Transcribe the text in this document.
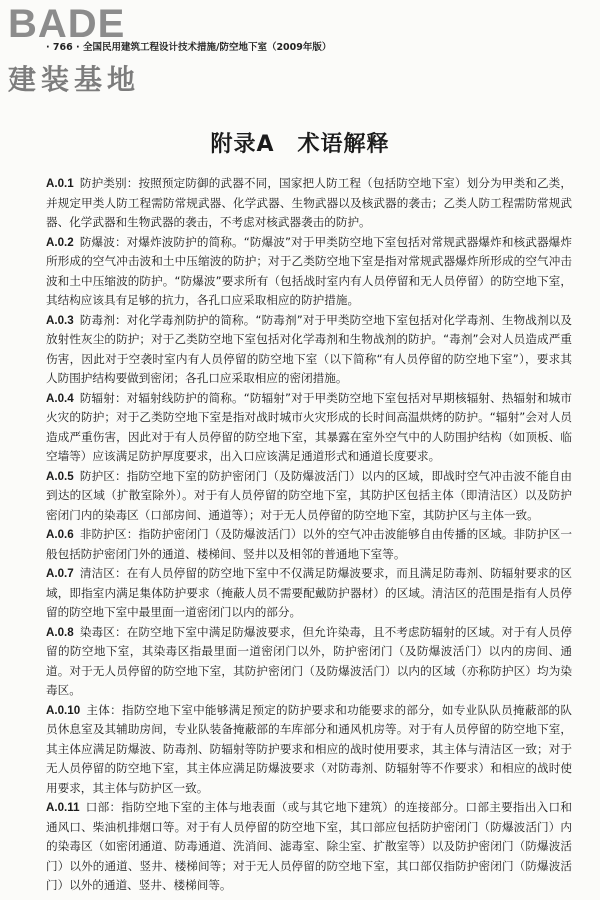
BADE
· 766 · 全国民用建筑工程设计技术措施/防空地下室（2009年版）
建装基地
附录A　术语解释

A.0.1 防护类别：按照预定防御的武器不同，国家把人防工程（包括防空地下室）划分为甲类和乙类，并规定甲类人防工程需防常规武器、化学武器、生物武器以及核武器的袭击；乙类人防工程需防常规武器、化学武器和生物武器的袭击，不考虑对核武器袭击的防护。

A.0.2 防爆波：对爆炸波防护的简称。“防爆波”对于甲类防空地下室包括对常规武器爆炸和核武器爆炸所形成的空气冲击波和土中压缩波的防护；对于乙类防空地下室是指对常规武器爆炸所形成的空气冲击波和土中压缩波的防护。“防爆波”要求所有（包括战时室内有人员停留和无人员停留）的防空地下室，其结构应该具有足够的抗力，各孔口应采取相应的防护措施。

A.0.3 防毒剂：对化学毒剂防护的简称。“防毒剂”对于甲类防空地下室包括对化学毒剂、生物战剂以及放射性灰尘的防护；对于乙类防空地下室包括对化学毒剂和生物战剂的防护。“毒剂”会对人员造成严重伤害，因此对于空袭时室内有人员停留的防空地下室（以下简称“有人员停留的防空地下室”），要求其人防围护结构要做到密闭；各孔口应采取相应的密闭措施。

A.0.4 防辐射：对辐射线防护的简称。“防辐射”对于甲类防空地下室包括对早期核辐射、热辐射和城市火灾的防护；对于乙类防空地下室是指对战时城市火灾形成的长时间高温烘烤的防护。“辐射”会对人员造成严重伤害，因此对于有人员停留的防空地下室，其暴露在室外空气中的人防围护结构（如顶板、临空墙等）应该满足防护厚度要求，出入口应该满足通道形式和通道长度要求。

A.0.5 防护区：指防空地下室的防护密闭门（及防爆波活门）以内的区域，即战时空气冲击波不能自由到达的区域（扩散室除外）。对于有人员停留的防空地下室，其防护区包括主体（即清洁区）以及防护密闭门内的染毒区（口部房间、通道等）；对于无人员停留的防空地下室，其防护区与主体一致。

A.0.6 非防护区：指防护密闭门（及防爆波活门）以外的空气冲击波能够自由传播的区域。非防护区一般包括防护密闭门外的通道、楼梯间、竖井以及相邻的普通地下室等。

A.0.7 清洁区：在有人员停留的防空地下室中不仅满足防爆波要求，而且满足防毒剂、防辐射要求的区域，即指室内满足集体防护要求（掩蔽人员不需要配戴防护器材）的区域。清洁区的范围是指有人员停留的防空地下室中最里面一道密闭门以内的部分。

A.0.8 染毒区：在防空地下室中满足防爆波要求，但允许染毒，且不考虑防辐射的区域。对于有人员停留的防空地下室，其染毒区指最里面一道密闭门以外，防护密闭门（及防爆波活门）以内的房间、通道。对于无人员停留的防空地下室，其防护密闭门（及防爆波活门）以内的区域（亦称防护区）均为染毒区。

A.0.10 主体：指防空地下室中能够满足预定的防护要求和功能要求的部分，如专业队队员掩蔽部的队员休息室及其辅助房间，专业队装备掩蔽部的车库部分和通风机房等。对于有人员停留的防空地下室，其主体应满足防爆波、防毒剂、防辐射等防护要求和相应的战时使用要求，其主体与清洁区一致；对于无人员停留的防空地下室，其主体应满足防爆波要求（对防毒剂、防辐射等不作要求）和相应的战时使用要求，其主体与防护区一致。

A.0.11 口部：指防空地下室的主体与地表面（或与其它地下建筑）的连接部分。口部主要指出入口和通风口、柴油机排烟口等。对于有人员停留的防空地下室，其口部应包括防护密闭门（防爆波活门）内的染毒区（如密闭通道、防毒通道、洗消间、滤毒室、除尘室、扩散室等）以及防护密闭门（防爆波活门）以外的通道、竖井、楼梯间等；对于无人员停留的防空地下室，其口部仅指防护密闭门（防爆波活门）以外的通道、竖井、楼梯间等。
